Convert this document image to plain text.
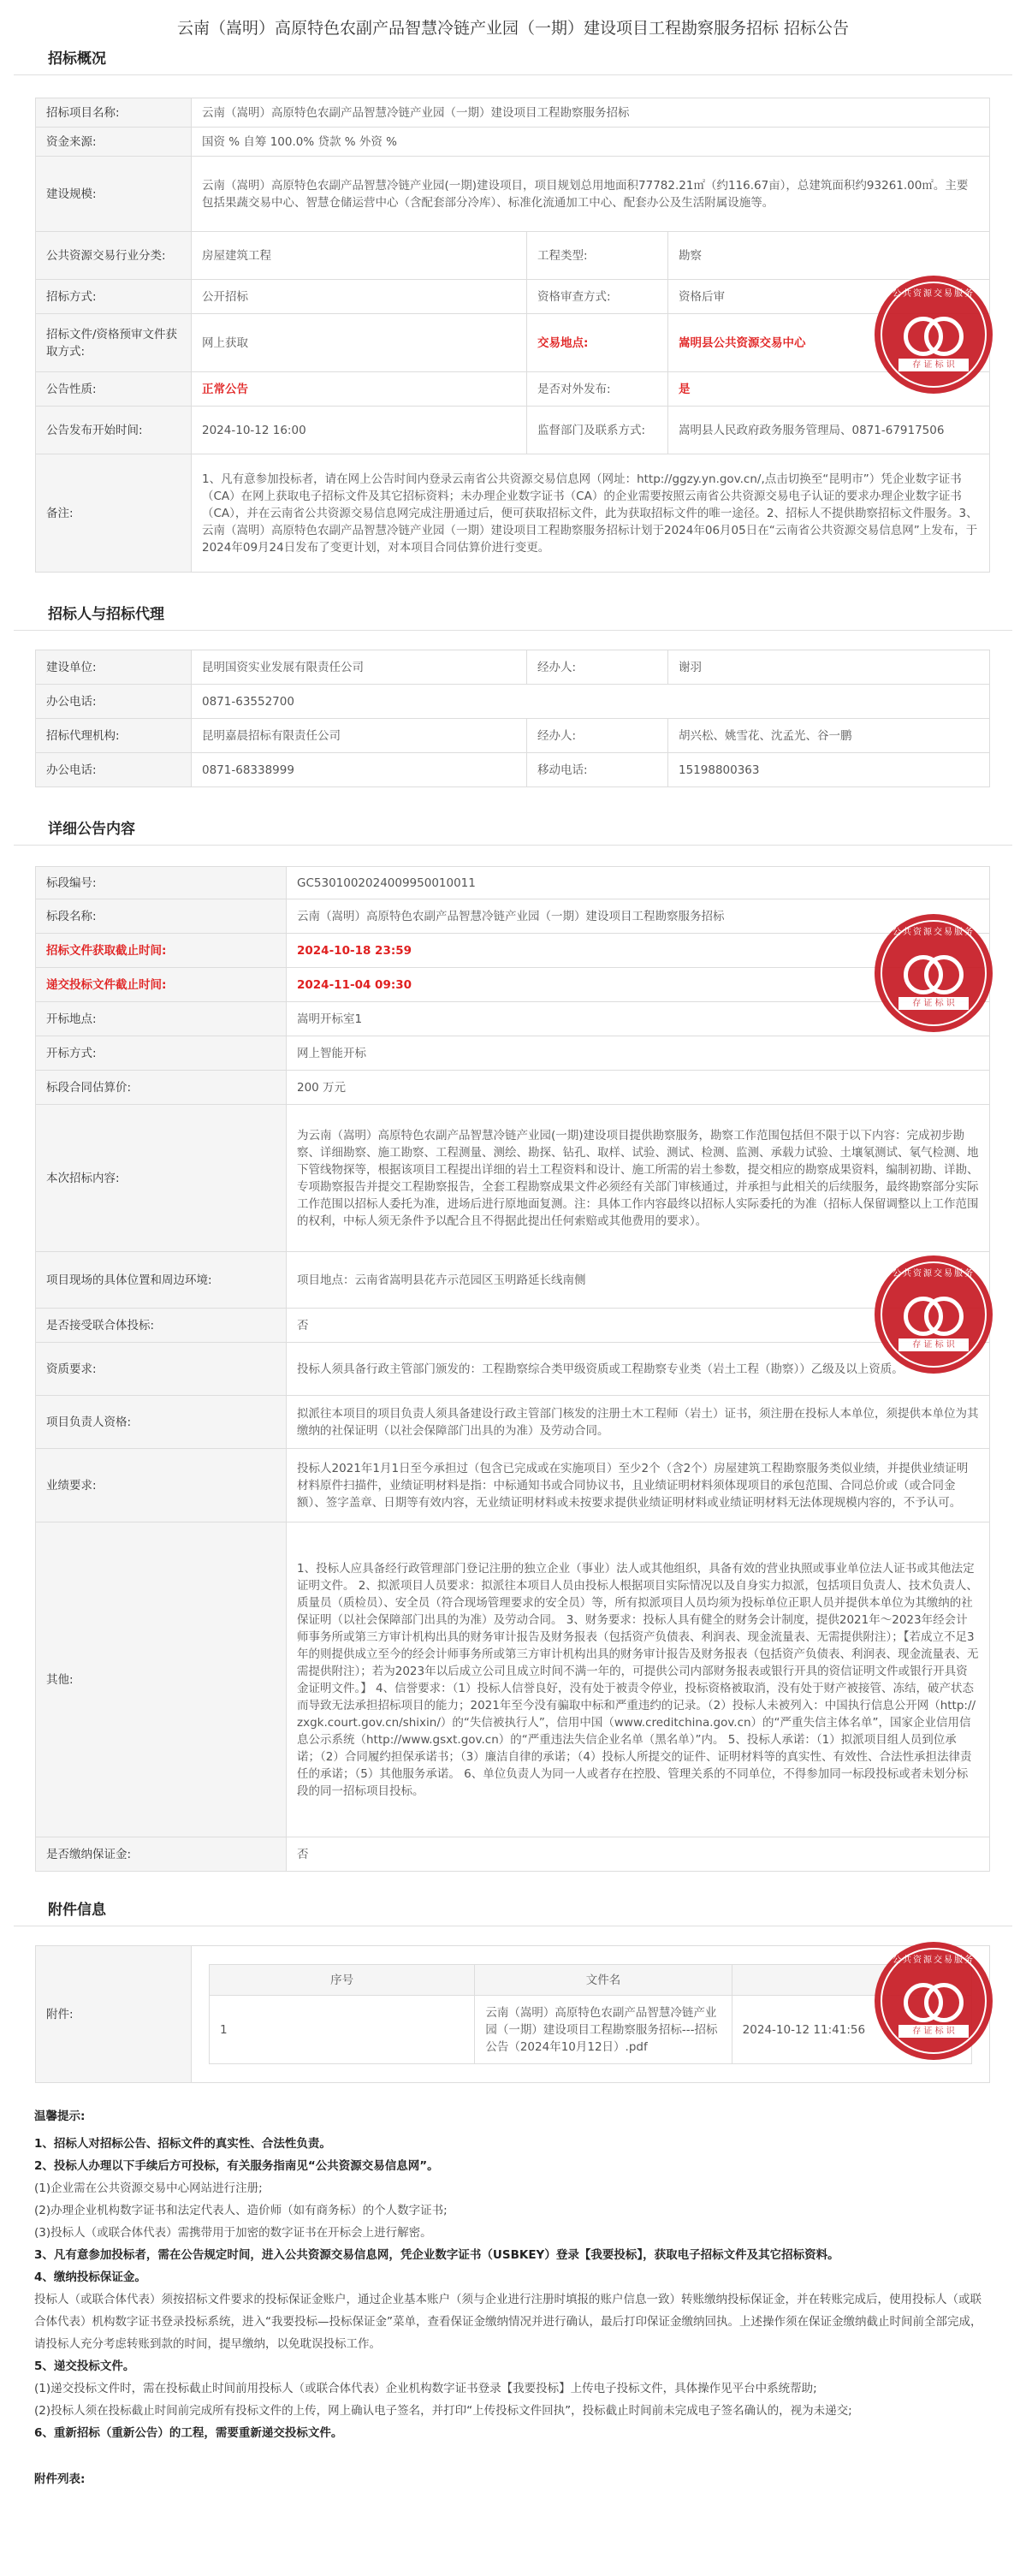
云南（嵩明）高原特色农副产品智慧冷链产业园（一期）建设项目工程勘察服务招标 招标公告
招标概况
招标项目名称:	云南（嵩明）高原特色农副产品智慧冷链产业园（一期）建设项目工程勘察服务招标		
资金来源:	国资 % 自筹 100.0% 贷款 % 外资 %		
建设规模:	云南（嵩明）高原特色农副产品智慧冷链产业园(一期)建设项目，项目规划总用地面积77782.21㎡（约116.67亩），总建筑面积约93261.00㎡。主要包括果蔬交易中心、智慧仓储运营中心（含配套部分冷库）、标准化流通加工中心、配套办公及生活附属设施等。		
公共资源交易行业分类:	房屋建筑工程	工程类型:	勘察
招标方式:	公开招标	资格审查方式:	资格后审
招标文件/资格预审文件获取方式:	网上获取	交易地点:	嵩明县公共资源交易中心
公告性质:	正常公告	是否对外发布:	是
公告发布开始时间:	2024-10-12 16:00	监督部门及联系方式:	嵩明县人民政府政务服务管理局、0871-67917506
备注:	1、凡有意参加投标者，请在网上公告时间内登录云南省公共资源交易信息网（网址：http://ggzy.yn.gov.cn/,点击切换至“昆明市”）凭企业数字证书（CA）在网上获取电子招标文件及其它招标资料；未办理企业数字证书（CA）的企业需要按照云南省公共资源交易电子认证的要求办理企业数字证书（CA），并在云南省公共资源交易信息网完成注册通过后，便可获取招标文件，此为获取招标文件的唯一途径。2、招标人不提供勘察招标文件服务。3、云南（嵩明）高原特色农副产品智慧冷链产业园（一期）建设项目工程勘察服务招标计划于2024年06月05日在“云南省公共资源交易信息网”上发布，于2024年09月24日发布了变更计划，对本项目合同估算价进行变更。		
公共资源交易服务
存 证 标 识
招标人与招标代理
建设单位:	昆明国资实业发展有限责任公司	经办人:	谢羽
办公电话:	0871-63552700		
招标代理机构:	昆明嘉晨招标有限责任公司	经办人:	胡兴松、姚雪花、沈孟光、谷一鹏
办公电话:	0871-68338999	移动电话:	15198800363
详细公告内容
标段编号:	GC5301002024009950010011
标段名称:	云南（嵩明）高原特色农副产品智慧冷链产业园（一期）建设项目工程勘察服务招标
招标文件获取截止时间:	2024-10-18 23:59
递交投标文件截止时间:	2024-11-04 09:30
开标地点:	嵩明开标室1
开标方式:	网上智能开标
标段合同估算价:	200 万元
本次招标内容:	为云南（嵩明）高原特色农副产品智慧冷链产业园(一期)建设项目提供勘察服务，勘察工作范围包括但不限于以下内容：完成初步勘察、详细勘察、施工勘察、工程测量、测绘、勘探、钻孔、取样、试验、测试、检测、监测、承载力试验、土壤氡测试、氡气检测、地下管线物探等，根据该项目工程提出详细的岩土工程资料和设计、施工所需的岩土参数，提交相应的勘察成果资料，编制初勘、详勘、专项勘察报告并提交工程勘察报告，全套工程勘察成果文件必须经有关部门审核通过，并承担与此相关的后续服务，最终勘察部分实际工作范围以招标人委托为准，进场后进行原地面复测。注：具体工作内容最终以招标人实际委托的为准（招标人保留调整以上工作范围的权利，中标人须无条件予以配合且不得据此提出任何索赔或其他费用的要求）。
项目现场的具体位置和周边环境:	项目地点：云南省嵩明县花卉示范园区玉明路延长线南侧
是否接受联合体投标:	否
资质要求:	投标人须具备行政主管部门颁发的：工程勘察综合类甲级资质或工程勘察专业类（岩土工程（勘察））乙级及以上资质。
项目负责人资格:	拟派往本项目的项目负责人须具备建设行政主管部门核发的注册土木工程师（岩土）证书，须注册在投标人本单位，须提供本单位为其缴纳的社保证明（以社会保障部门出具的为准）及劳动合同。
业绩要求:	投标人2021年1月1日至今承担过（包含已完成或在实施项目）至少2个（含2个）房屋建筑工程勘察服务类似业绩，并提供业绩证明材料原件扫描件，业绩证明材料是指：中标通知书或合同协议书，且业绩证明材料须体现项目的承包范围、合同总价或（或合同金额）、签字盖章、日期等有效内容，无业绩证明材料或未按要求提供业绩证明材料或业绩证明材料无法体现规模内容的，不予认可。
其他:	1、投标人应具备经行政管理部门登记注册的独立企业（事业）法人或其他组织，具备有效的营业执照或事业单位法人证书或其他法定证明文件。 2、拟派项目人员要求：拟派往本项目人员由投标人根据项目实际情况以及自身实力拟派，包括项目负责人、技术负责人、质量员（质检员）、安全员（符合现场管理要求的安全员）等，所有拟派项目人员均须为投标单位正职人员并提供本单位为其缴纳的社保证明（以社会保障部门出具的为准）及劳动合同。 3、财务要求：投标人具有健全的财务会计制度，提供2021年～2023年经会计师事务所或第三方审计机构出具的财务审计报告及财务报表（包括资产负债表、利润表、现金流量表、无需提供附注）；【若成立不足3年的则提供成立至今的经会计师事务所或第三方审计机构出具的财务审计报告及财务报表（包括资产负债表、利润表、现金流量表、无需提供附注）；若为2023年以后成立公司且成立时间不满一年的，可提供公司内部财务报表或银行开具的资信证明文件或银行开具资金证明文件。】 4、信誉要求：（1）投标人信誉良好，没有处于被责令停业，投标资格被取消，没有处于财产被接管、冻结，破产状态而导致无法承担招标项目的能力；2021年至今没有骗取中标和严重违约的记录。（2）投标人未被列入：中国执行信息公开网（http://zxgk.court.gov.cn/shixin/）的“失信被执行人”，信用中国（www.creditchina.gov.cn）的“严重失信主体名单”，国家企业信用信息公示系统（http://www.gsxt.gov.cn）的“严重违法失信企业名单（黑名单）”内。 5、投标人承诺：（1）拟派项目组人员到位承诺；（2）合同履约担保承诺书；（3）廉洁自律的承诺；（4）投标人所提交的证件、证明材料等的真实性、有效性、合法性承担法律责任的承诺；（5）其他服务承诺。 6、单位负责人为同一人或者存在控股、管理关系的不同单位，不得参加同一标段投标或者未划分标段的同一招标项目投标。
是否缴纳保证金:	否
公共资源交易服务
存 证 标 识
公共资源交易服务
存 证 标 识
附件信息
附件:	
序号	文件名	
1	云南（嵩明）高原特色农副产品智慧冷链产业园（一期）建设项目工程勘察服务招标---招标公告（2024年10月12日）.pdf	2024-10-12 11:41:56
公共资源交易服务
存 证 标 识
温馨提示:
1、招标人对招标公告、招标文件的真实性、合法性负责。
2、投标人办理以下手续后方可投标，有关服务指南见“公共资源交易信息网”。
(1)企业需在公共资源交易中心网站进行注册;
(2)办理企业机构数字证书和法定代表人、造价师（如有商务标）的个人数字证书;
(3)投标人（或联合体代表）需携带用于加密的数字证书在开标会上进行解密。
3、凡有意参加投标者，需在公告规定时间，进入公共资源交易信息网，凭企业数字证书（USBKEY）登录【我要投标】，获取电子招标文件及其它招标资料。
4、缴纳投标保证金。
投标人（或联合体代表）须按招标文件要求的投标保证金账户，通过企业基本账户（须与企业进行注册时填报的账户信息一致）转账缴纳投标保证金，并在转账完成后，使用投标人（或联合体代表）机构数字证书登录投标系统，进入“我要投标—投标保证金”菜单，查看保证金缴纳情况并进行确认，最后打印保证金缴纳回执。上述操作须在保证金缴纳截止时间前全部完成，请投标人充分考虑转账到款的时间，提早缴纳，以免耽误投标工作。
5、递交投标文件。
(1)递交投标文件时，需在投标截止时间前用投标人（或联合体代表）企业机构数字证书登录【我要投标】上传电子投标文件，具体操作见平台中系统帮助;
(2)投标人须在投标截止时间前完成所有投标文件的上传，网上确认电子签名，并打印“上传投标文件回执”，投标截止时间前未完成电子签名确认的，视为未递交;
6、重新招标（重新公告）的工程，需要重新递交投标文件。
附件列表:
